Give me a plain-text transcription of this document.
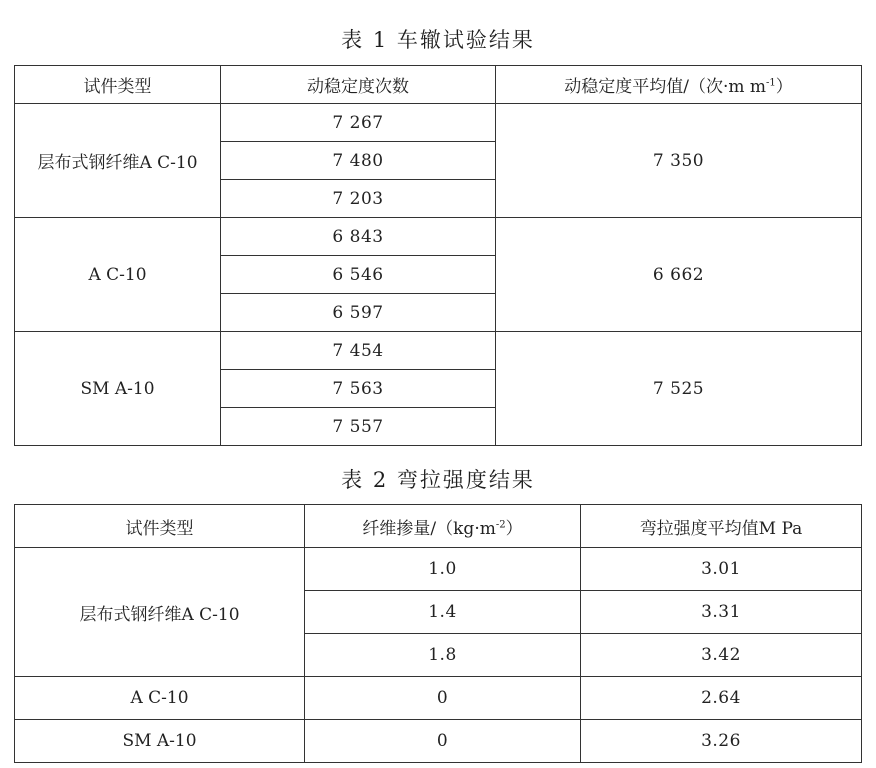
表 1 车辙试验结果
试件类型	动稳定度次数	动稳定度平均值/（次·m $m^{-1}$）
层布式钢纤维A C-10	7 267	7 350
	7 480	
	7 203	
A C-10	6 843	6 662
	6 546	
	6 597	
SM A-10	7 454	7 525
	7 563	
	7 557	
表 2 弯拉强度结果
试件类型	纤维掺量$/(kg\cdot m^{-2})$	弯拉强度平均值M Pa
层布式钢纤维A C-10	1.0	3.01
	1.4	3.31
	1.8	3.42
A C-10	0	2.64
SM A-10	0	3.26
